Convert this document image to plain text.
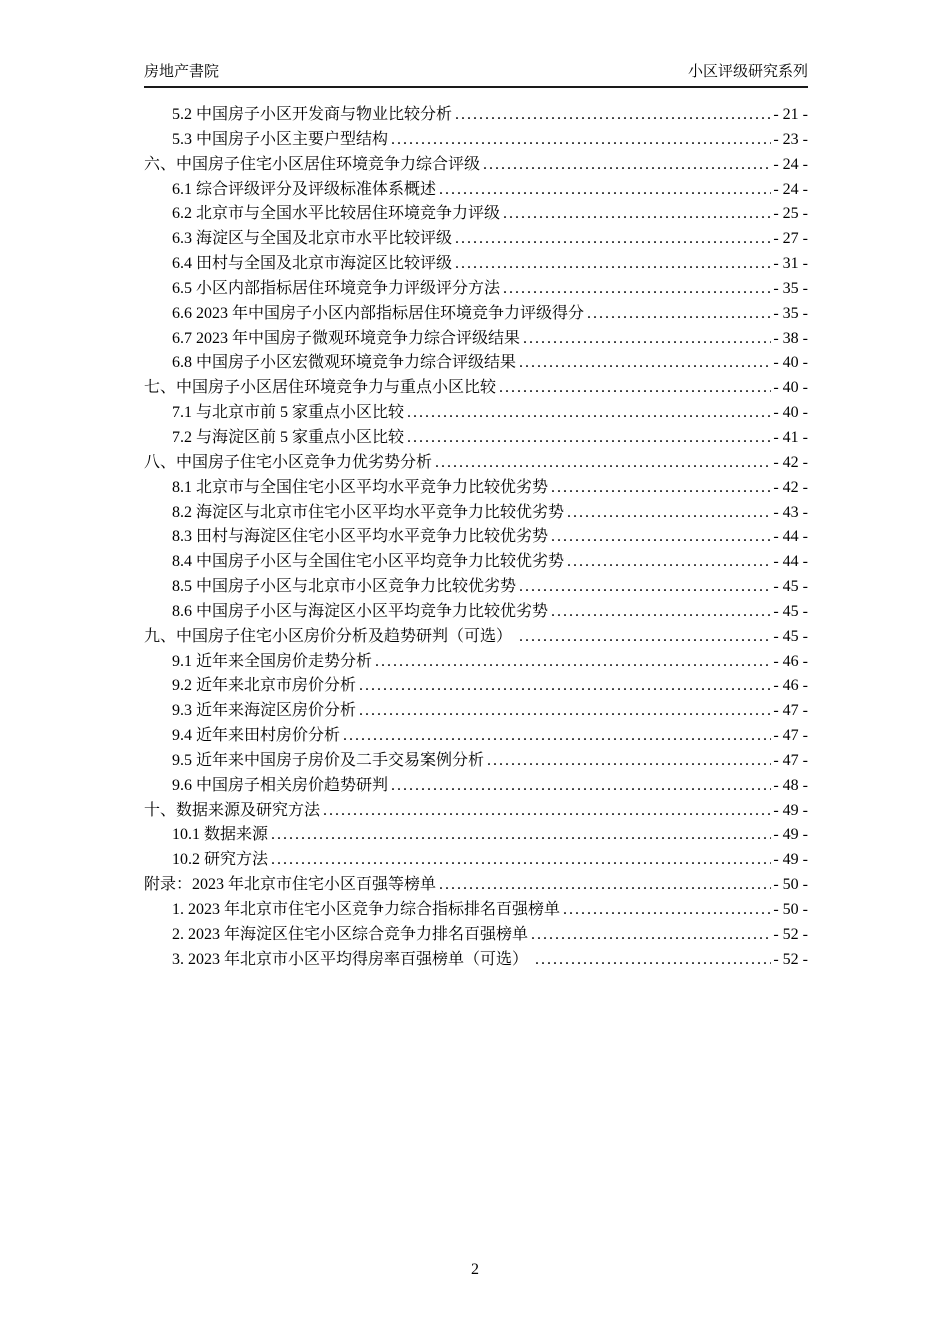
房地产書院	小区评级研究系列
5.2 中国房子小区开发商与物业比较分析 .....	- 21 -
5.3 中国房子小区主要户型结构 .....	- 23 -
六、中国房子住宅小区居住环境竞争力综合评级 .....	- 24 -
6.1 综合评级评分及评级标准体系概述 .....	- 24 -
6.2 北京市与全国水平比较居住环境竞争力评级 .....	- 25 -
6.3 海淀区与全国及北京市水平比较评级 .....	- 27 -
6.4 田村与全国及北京市海淀区比较评级 .....	- 31 -
6.5 小区内部指标居住环境竞争力评级评分方法 .....	- 35 -
6.6 2023 年中国房子小区内部指标居住环境竞争力评级得分 .....	- 35 -
6.7 2023 年中国房子微观环境竞争力综合评级结果 .....	- 38 -
6.8 中国房子小区宏微观环境竞争力综合评级结果 .....	- 40 -
七、中国房子小区居住环境竞争力与重点小区比较 .....	- 40 -
7.1 与北京市前 5 家重点小区比较 .....	- 40 -
7.2 与海淀区前 5 家重点小区比较 .....	- 41 -
八、中国房子住宅小区竞争力优劣势分析 .....	- 42 -
8.1 北京市与全国住宅小区平均水平竞争力比较优劣势 .....	- 42 -
8.2 海淀区与北京市住宅小区平均水平竞争力比较优劣势 .....	- 43 -
8.3 田村与海淀区住宅小区平均水平竞争力比较优劣势 .....	- 44 -
8.4 中国房子小区与全国住宅小区平均竞争力比较优劣势 .....	- 44 -
8.5 中国房子小区与北京市小区竞争力比较优劣势 .....	- 45 -
8.6 中国房子小区与海淀区小区平均竞争力比较优劣势 .....	- 45 -
九、中国房子住宅小区房价分析及趋势研判（可选） .....	- 45 -
9.1 近年来全国房价走势分析 .....	- 46 -
9.2 近年来北京市房价分析 .....	- 46 -
9.3 近年来海淀区房价分析 .....	- 47 -
9.4 近年来田村房价分析 .....	- 47 -
9.5 近年来中国房子房价及二手交易案例分析 .....	- 47 -
9.6 中国房子相关房价趋势研判 .....	- 48 -
十、数据来源及研究方法 .....	- 49 -
10.1 数据来源 .....	- 49 -
10.2 研究方法 .....	- 49 -
附录：2023 年北京市住宅小区百强等榜单 .....	- 50 -
1. 2023 年北京市住宅小区竞争力综合指标排名百强榜单 .....	- 50 -
2. 2023 年海淀区住宅小区综合竞争力排名百强榜单 .....	- 52 -
3. 2023 年北京市小区平均得房率百强榜单（可选） .....	- 52 -
2
